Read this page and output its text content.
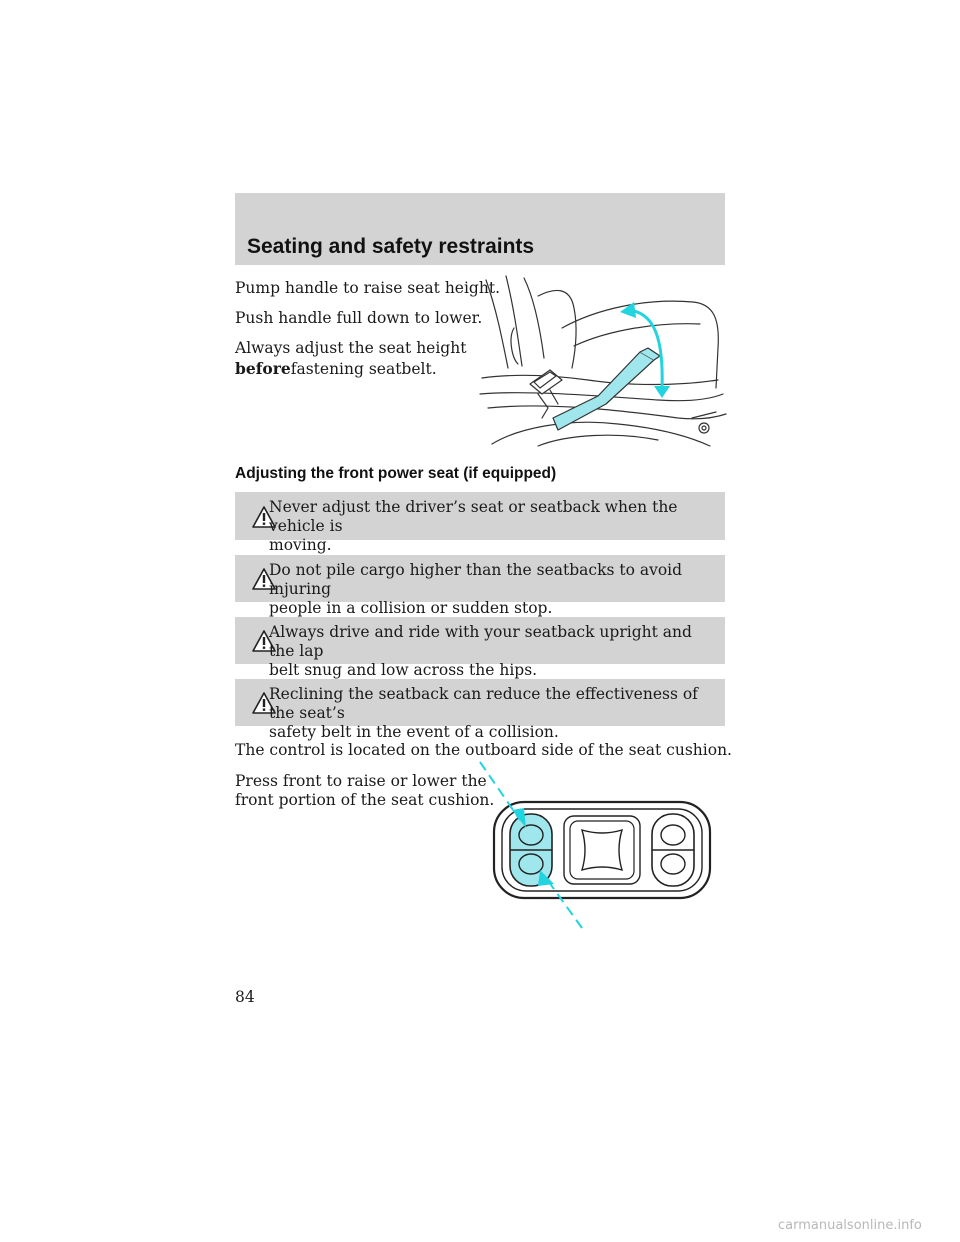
Seating and safety restraints
Pump handle to raise seat height.
Push handle full down to lower.
Always adjust the seat height
beforefastening seatbelt.
Adjusting the front power seat (if equipped)
Never adjust the driver’s seat or seatback when the vehicle is
moving.
Do not pile cargo higher than the seatbacks to avoid injuring
people in a collision or sudden stop.
Always drive and ride with your seatback upright and the lap
belt snug and low across the hips.
Reclining the seatback can reduce the effectiveness of the seat’s
safety belt in the event of a collision.
The control is located on the outboard side of the seat cushion.
Press front to raise or lower the
front portion of the seat cushion.
84
carmanualsonline.info
